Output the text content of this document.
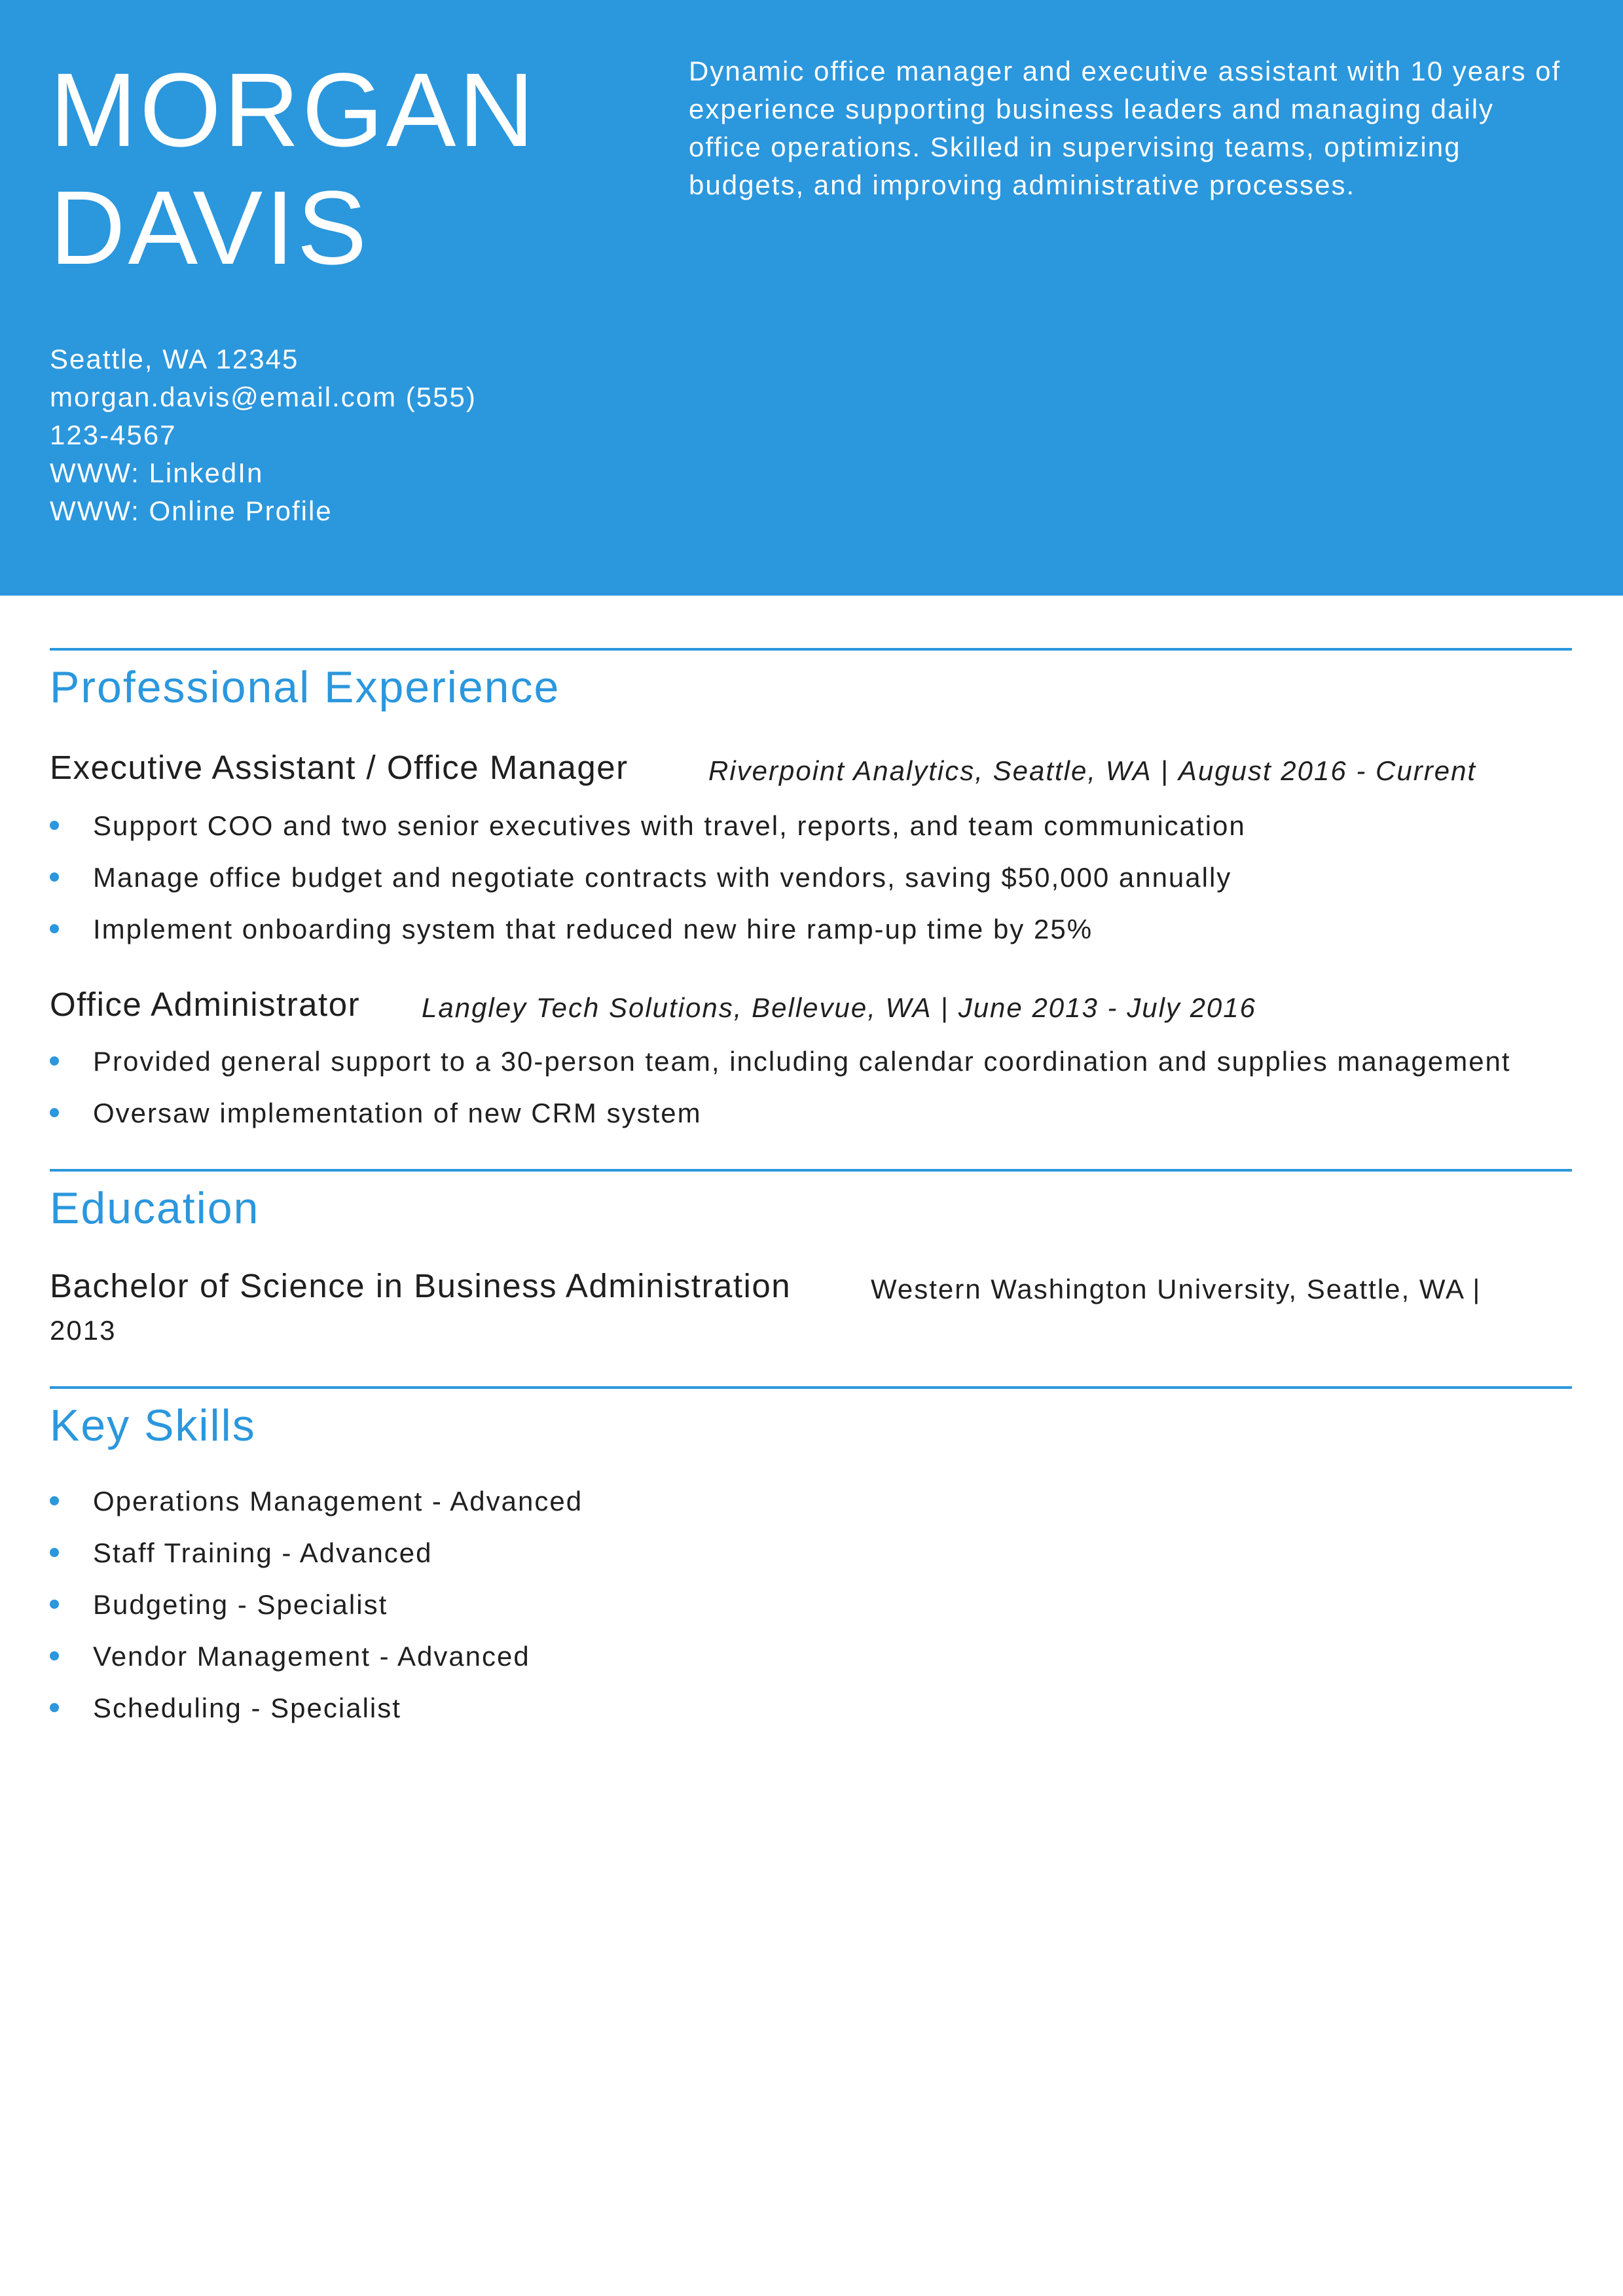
MORGAN
DAVIS
Dynamic office manager and executive assistant with 10 years of experience supporting business leaders and managing daily office operations. Skilled in supervising teams, optimizing budgets, and improving administrative processes.
Seattle, WA 12345
morgan.davis@email.com (555)
123-4567
WWW: LinkedIn
WWW: Online Profile
Professional Experience
Executive Assistant / Office Manager	Riverpoint Analytics, Seattle, WA | August 2016 - Current
Support COO and two senior executives with travel, reports, and team communication
Manage office budget and negotiate contracts with vendors, saving $50,000 annually
Implement onboarding system that reduced new hire ramp-up time by 25%
Office Administrator Langley Tech Solutions, Bellevue, WA | June 2013 - July 2016
Provided general support to a 30-person team, including calendar coordination and supplies management
Oversaw implementation of new CRM system
Education
Bachelor of Science in Business Administration	Western Washington University, Seattle, WA |
2013
Key Skills
Operations Management - Advanced
Staff Training - Advanced
Budgeting - Specialist
Vendor Management - Advanced
Scheduling - Specialist
